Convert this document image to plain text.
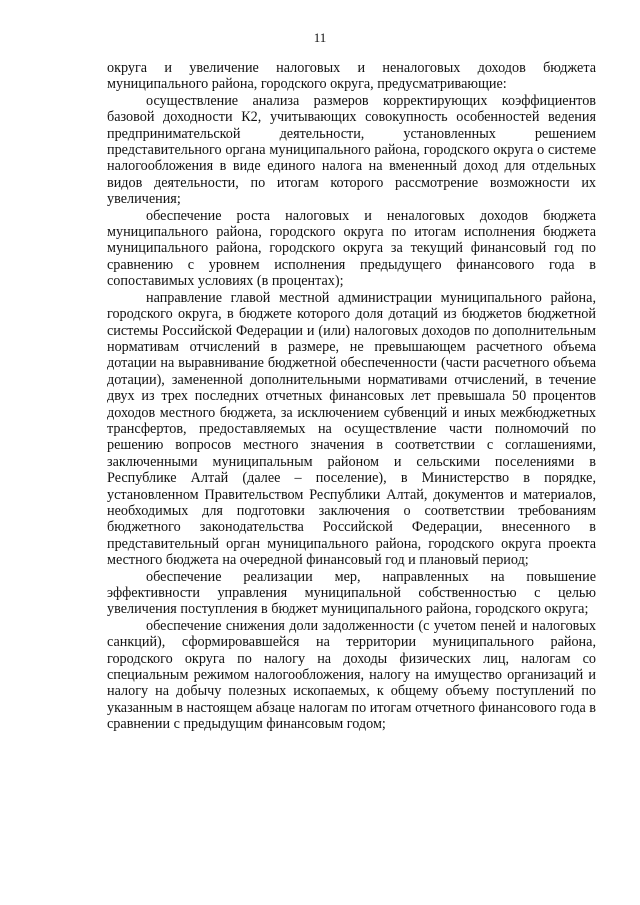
11

округа и увеличение налоговых и неналоговых доходов бюджета муниципального района, городского округа, предусматривающие:

осуществление анализа размеров корректирующих коэффициентов базовой доходности К2, учитывающих совокупность особенностей ведения предпринимательской деятельности, установленных решением представительного органа муниципального района, городского округа о системе налогообложения в виде единого налога на вмененный доход для отдельных видов деятельности, по итогам которого рассмотрение возможности их увеличения;

обеспечение роста налоговых и неналоговых доходов бюджета муниципального района, городского округа по итогам исполнения бюджета муниципального района, городского округа за текущий финансовый год по сравнению с уровнем исполнения предыдущего финансового года в сопоставимых условиях (в процентах);

направление главой местной администрации муниципального района, городского округа, в бюджете которого доля дотаций из бюджетов бюджетной системы Российской Федерации и (или) налоговых доходов по дополнительным нормативам отчислений в размере, не превышающем расчетного объема дотации на выравнивание бюджетной обеспеченности (части расчетного объема дотации), замененной дополнительными нормативами отчислений, в течение двух из трех последних отчетных финансовых лет превышала 50 процентов доходов местного бюджета, за исключением субвенций и иных межбюджетных трансфертов, предоставляемых на осуществление части полномочий по решению вопросов местного значения в соответствии с соглашениями, заключенными муниципальным районом и сельскими поселениями в Республике Алтай (далее – поселение), в Министерство в порядке, установленном Правительством Республики Алтай, документов и материалов, необходимых для подготовки заключения о соответствии требованиям бюджетного законодательства Российской Федерации, внесенного в представительный орган муниципального района, городского округа проекта местного бюджета на очередной финансовый год и плановый период;

обеспечение реализации мер, направленных на повышение эффективности управления муниципальной собственностью с целью увеличения поступления в бюджет муниципального района, городского округа;

обеспечение снижения доли задолженности (с учетом пеней и налоговых санкций), сформировавшейся на территории муниципального района, городского округа по налогу на доходы физических лиц, налогам со специальным режимом налогообложения, налогу на имущество организаций и налогу на добычу полезных ископаемых, к общему объему поступлений по указанным в настоящем абзаце налогам по итогам отчетного финансового года в сравнении с предыдущим финансовым годом;
